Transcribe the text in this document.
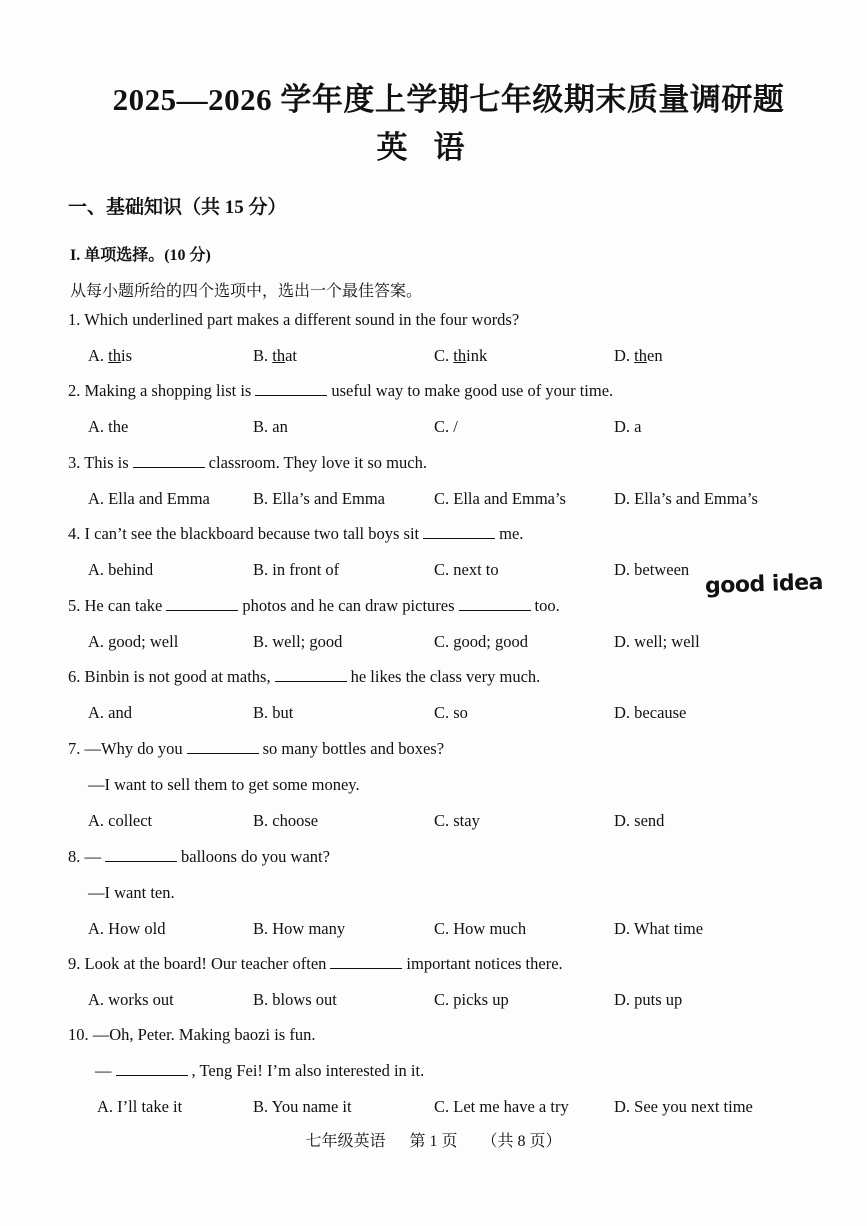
2025—2026 学年度上学期七年级期末质量调研题
英语
一、基础知识（共 15 分）
I. 单项选择。(10 分)
从每小题所给的四个选项中，选出一个最佳答案。
1. Which underlined part makes a different sound in the four words?
A. this	B. that	C. think	D. then
2. Making a shopping list is	useful way to make good use of your time.
A. the	B. an	C. /	D. a
3. This is	classroom. They love it so much.
A. Ella and Emma	B. Ella’s and Emma	C. Ella and Emma’s	D. Ella’s and Emma’s
4. I can’t see the blackboard because two tall boys sit	me.
A. behind	B. in front of	C. next to	D. between
good idea
5. He can take	photos and he can draw pictures	too.
A. good; well	B. well; good	C. good; good	D. well; well
6. Binbin is not good at maths,	he likes the class very much.
A. and	B. but	C. so	D. because
7. —Why do you	so many bottles and boxes?
—I want to sell them to get some money.
A. collect	B. choose	C. stay	D. send
8. —	balloons do you want?
—I want ten.
A. How old	B. How many	C. How much	D. What time
9. Look at the board! Our teacher often	important notices there.
A. works out	B. blows out	C. picks up	D. puts up
10. —Oh, Peter. Making baozi is fun.
—	, Teng Fei! I’m also interested in it.
A. I’ll take it	B. You name it	C. Let me have a try	D. See you next time
七年级英语 第 1 页 （共 8 页）
